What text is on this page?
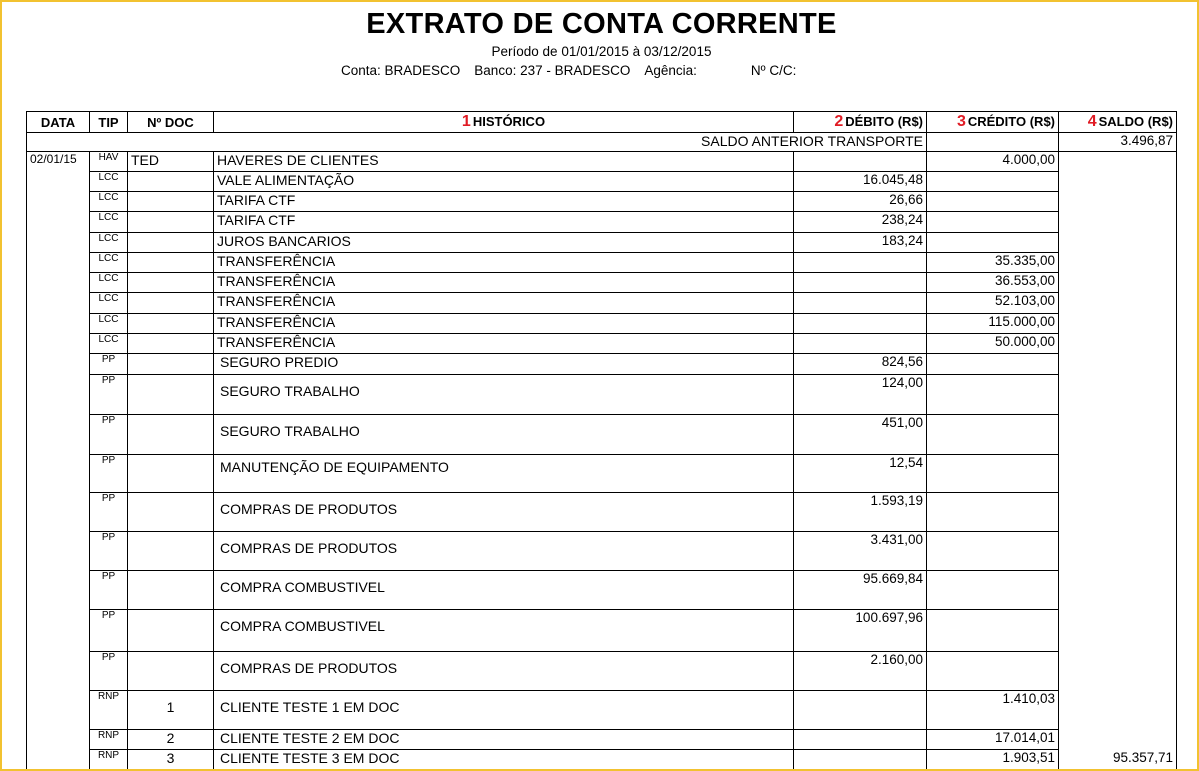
EXTRATO DE CONTA CORRENTE
Período de 01/01/2015 à 03/12/2015
Conta: BRADESCO Banco: 237 - BRADESCO Agência:	Nº C/C:
DATA	TIP	Nº DOC	1 HISTÓRICO	2 DÉBITO (R$)	3 CRÉDITO (R$)	4 SALDO (R$)
SALDO ANTERIOR TRANSPORTE						3.496,87
02/01/15	HAV	TED	HAVERES DE CLIENTES		4.000,00	
	LCC		VALE ALIMENTAÇÃO	16.045,48		
	LCC		TARIFA CTF	26,66		
	LCC		TARIFA CTF	238,24		
	LCC		JUROS BANCARIOS	183,24		
	LCC		TRANSFERÊNCIA		35.335,00	
	LCC		TRANSFERÊNCIA		36.553,00	
	LCC		TRANSFERÊNCIA		52.103,00	
	LCC		TRANSFERÊNCIA		115.000,00	
	LCC		TRANSFERÊNCIA		50.000,00	
	PP		SEGURO PREDIO	824,56		
	PP		SEGURO TRABALHO	124,00		
	PP		SEGURO TRABALHO	451,00		
	PP		MANUTENÇÃO DE EQUIPAMENTO	12,54		
	PP		COMPRAS DE PRODUTOS	1.593,19		
	PP		COMPRAS DE PRODUTOS	3.431,00		
	PP		COMPRA COMBUSTIVEL	95.669,84		
	PP		COMPRA COMBUSTIVEL	100.697,96		
	PP		COMPRAS DE PRODUTOS	2.160,00		
	RNP	1	CLIENTE TESTE 1 EM DOC		1.410,03	
	RNP	2	CLIENTE TESTE 2 EM DOC		17.014,01	
	RNP	3	CLIENTE TESTE 3 EM DOC		1.903,51	95.357,71
